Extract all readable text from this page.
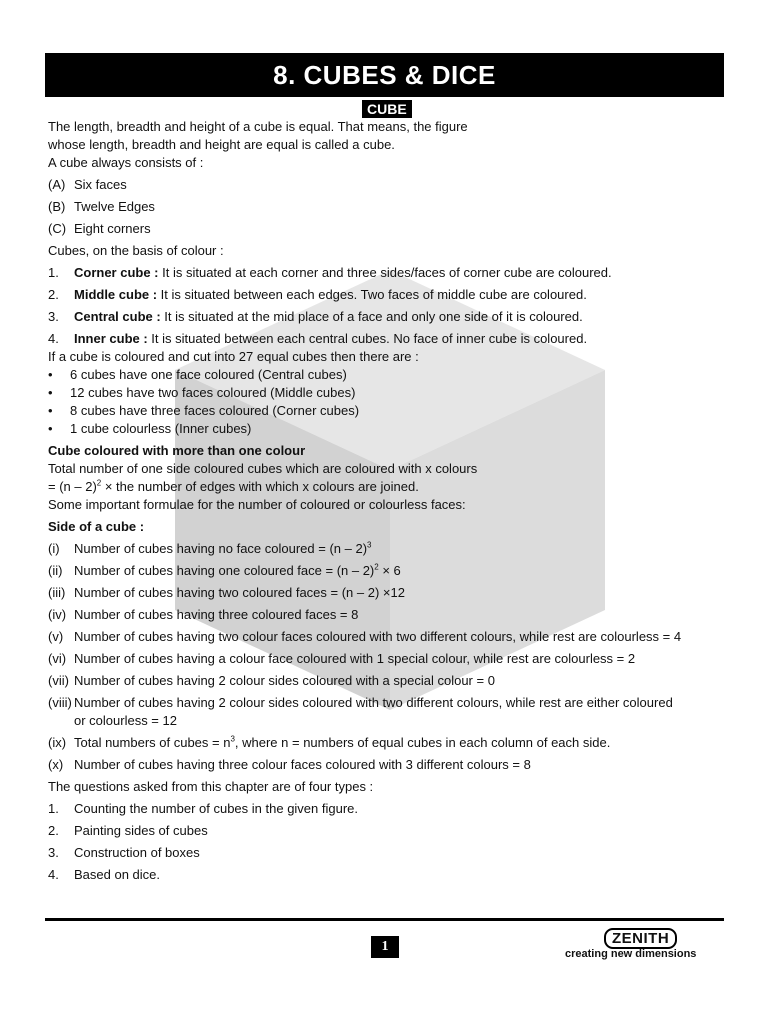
8. CUBES & DICE
CUBE
The length, breadth and height of a cube is equal. That means, the figure
whose length, breadth and height are equal is called a cube.
A cube always consists of :
(A) Six faces
(B) Twelve Edges
(C) Eight corners
Cubes, on the basis of colour :
1.	Corner cube : It is situated at each corner and three sides/faces of corner cube are coloured.
2.	Middle cube : It is situated between each edges. Two faces of middle cube are coloured.
3.	Central cube : It is situated at the mid place of a face and only one side of it is coloured.
4.	Inner cube : It is situated between each central cubes. No face of inner cube is coloured.
If a cube is coloured and cut into 27 equal cubes then there are :
•	6 cubes have one face coloured (Central cubes)
•	12 cubes have two faces coloured (Middle cubes)
•	8 cubes have three faces coloured (Corner cubes)
•	1 cube colourless (Inner cubes)
Cube coloured with more than one colour
Total number of one side coloured cubes which are coloured with x colours
= (n – 2)$^2$ × the number of edges with which x colours are joined.
Some important formulae for the number of coloured or colourless faces:
Side of a cube :
(i)	Number of cubes having no face coloured = (n – 2)$^3$
(ii) Number of cubes having one coloured face = (n – 2)$^2$ × 6
(iii) Number of cubes having two coloured faces = (n – 2) ×12
(iv) Number of cubes having three coloured faces = 8
(v) Number of cubes having two colour faces coloured with two different colours, while rest are colourless = 4
(vi) Number of cubes having a colour face coloured with 1 special colour, while rest are colourless = 2
(vii) Number of cubes having 2 colour sides coloured with a special colour = 0
(viii) Number of cubes having 2 colour sides coloured with two different colours, while rest are either coloured
or colourless = 12
(ix) Total numbers of cubes = $n^3$, where n = numbers of equal cubes in each column of each side.
(x) Number of cubes having three colour faces coloured with 3 different colours = 8
The questions asked from this chapter are of four types :
1.	Counting the number of cubes in the given figure.
2.	Painting sides of cubes
3.	Construction of boxes
4.	Based on dice.
1	ZENITH
creating new dimensions
